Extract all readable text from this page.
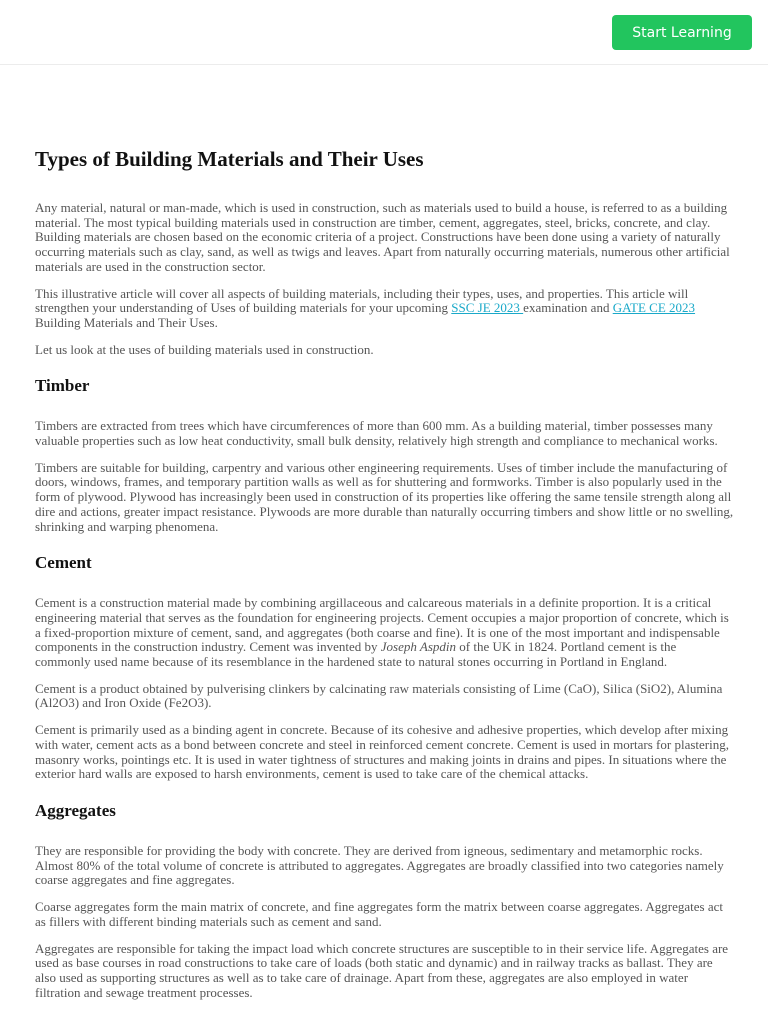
Start Learning
Types of Building Materials and Their Uses

Any material, natural or man-made, which is used in construction, such as materials used to build a house, is referred to as a building material. The most typical building materials used in construction are timber, cement, aggregates, steel, bricks, concrete, and clay. Building materials are chosen based on the economic criteria of a project. Constructions have been done using a variety of naturally occurring materials such as clay, sand, as well as twigs and leaves. Apart from naturally occurring materials, numerous other artificial materials are used in the construction sector.

This illustrative article will cover all aspects of building materials, including their types, uses, and properties. This article will strengthen your understanding of Uses of building materials for your upcoming SSC JE 2023 examination and GATE CE 2023 Building Materials and Their Uses.

Let us look at the uses of building materials used in construction.

Timber

Timbers are extracted from trees which have circumferences of more than 600 mm. As a building material, timber possesses many valuable properties such as low heat conductivity, small bulk density, relatively high strength and compliance to mechanical works.

Timbers are suitable for building, carpentry and various other engineering requirements. Uses of timber include the manufacturing of doors, windows, frames, and temporary partition walls as well as for shuttering and formworks. Timber is also popularly used in the form of plywood. Plywood has increasingly been used in construction of its properties like offering the same tensile strength along all dire and actions, greater impact resistance. Plywoods are more durable than naturally occurring timbers and show little or no swelling, shrinking and warping phenomena.

Cement

Cement is a construction material made by combining argillaceous and calcareous materials in a definite proportion. It is a critical engineering material that serves as the foundation for engineering projects. Cement occupies a major proportion of concrete, which is a fixed-proportion mixture of cement, sand, and aggregates (both coarse and fine). It is one of the most important and indispensable components in the construction industry. Cement was invented by Joseph Aspdin of the UK in 1824. Portland cement is the commonly used name because of its resemblance in the hardened state to natural stones occurring in Portland in England.

Cement is a product obtained by pulverising clinkers by calcinating raw materials consisting of Lime (CaO), Silica (SiO2), Alumina (Al2O3) and Iron Oxide (Fe2O3).

Cement is primarily used as a binding agent in concrete. Because of its cohesive and adhesive properties, which develop after mixing with water, cement acts as a bond between concrete and steel in reinforced cement concrete. Cement is used in mortars for plastering, masonry works, pointings etc. It is used in water tightness of structures and making joints in drains and pipes. In situations where the exterior hard walls are exposed to harsh environments, cement is used to take care of the chemical attacks.

Aggregates

They are responsible for providing the body with concrete. They are derived from igneous, sedimentary and metamorphic rocks. Almost 80% of the total volume of concrete is attributed to aggregates. Aggregates are broadly classified into two categories namely coarse aggregates and fine aggregates.

Coarse aggregates form the main matrix of concrete, and fine aggregates form the matrix between coarse aggregates. Aggregates act as fillers with different binding materials such as cement and sand.

Aggregates are responsible for taking the impact load which concrete structures are susceptible to in their service life. Aggregates are used as base courses in road constructions to take care of loads (both static and dynamic) and in railway tracks as ballast. They are also used as supporting structures as well as to take care of drainage. Apart from these, aggregates are also employed in water filtration and sewage treatment processes.
